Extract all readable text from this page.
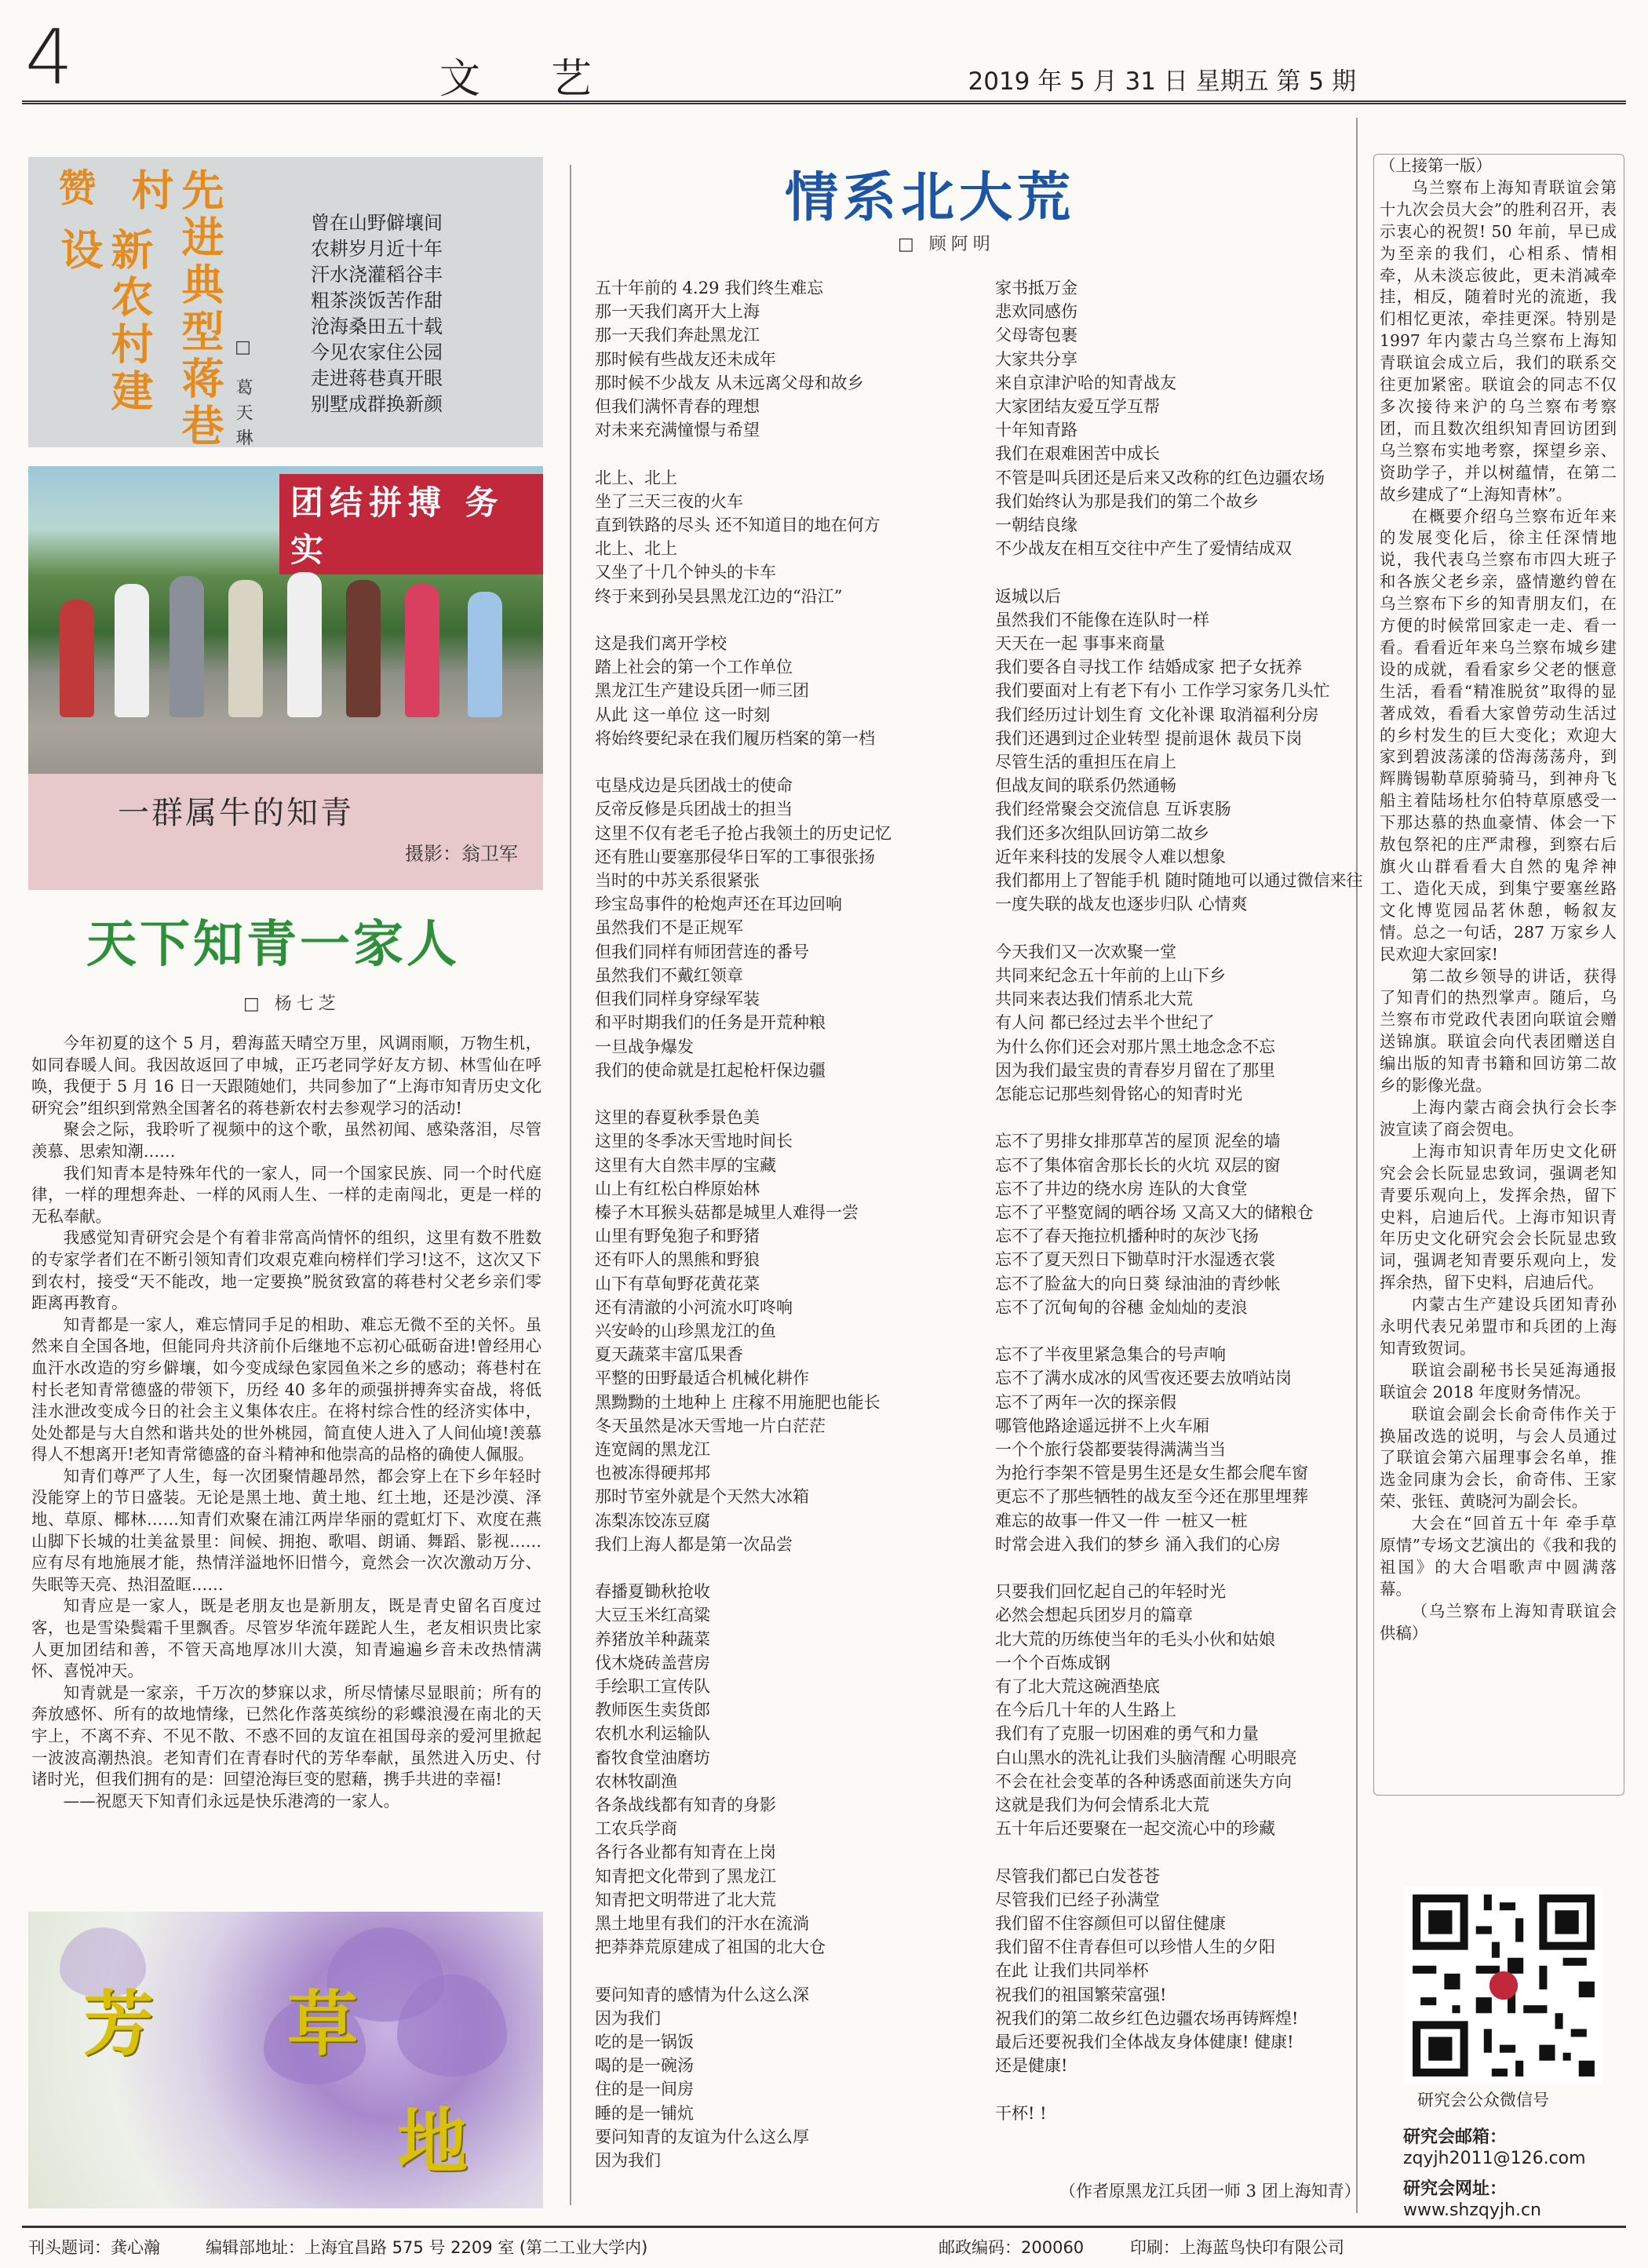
4	文艺	2019 年 5 月 31 日 星期五 第 5 期
赞	先进典型蒋巷村
新农村建设
□ 葛天琳
曾在山野僻壤间
农耕岁月近十年
汗水浇灌稻谷丰
粗茶淡饭苦作甜
沧海桑田五十载
今见农家住公园
走进蒋巷真开眼
别墅成群换新颜
团结拼搏 务实
一群属牛的知青
摄影：翁卫军
天下知青一家人
□ 杨七芝

今年初夏的这个 5 月，碧海蓝天晴空万里，风调雨顺，万物生机，如同春暖人间。我因故返回了申城，正巧老同学好友方韧、林雪仙在呼唤，我便于 5 月 16 日一天跟随她们，共同参加了“上海市知青历史文化研究会”组织到常熟全国著名的蒋巷新农村去参观学习的活动!

聚会之际，我聆听了视频中的这个歌，虽然初闻、感染落泪，尽管羡慕、思索知潮……

我们知青本是特殊年代的一家人，同一个国家民族、同一个时代庭律，一样的理想奔赴、一样的风雨人生、一样的走南闯北，更是一样的无私奉献。

我感觉知青研究会是个有着非常高尚情怀的组织，这里有数不胜数的专家学者们在不断引领知青们攻艰克难向榜样们学习!这不，这次又下到农村，接受“天不能改，地一定要换”脱贫致富的蒋巷村父老乡亲们零距离再教育。

知青都是一家人，难忘情同手足的相助、难忘无微不至的关怀。虽然来自全国各地，但能同舟共济前仆后继地不忘初心砥砺奋进!曾经用心血汗水改造的穷乡僻壤，如今变成绿色家园鱼米之乡的感动；蒋巷村在村长老知青常德盛的带领下，历经 40 多年的顽强拼搏奔实奋战，将低洼水泄改变成今日的社会主义集体农庄。在将村综合性的经济实体中，处处都是与大自然和谐共处的世外桃园，简直使人进入了人间仙境!羡慕得人不想离开!老知青常德盛的奋斗精神和他崇高的品格的确使人佩服。

知青们尊严了人生，每一次团聚情趣昂然，都会穿上在下乡年轻时没能穿上的节日盛装。无论是黑土地、黄土地、红土地，还是沙漠、泽地、草原、椰林……知青们欢聚在浦江两岸华丽的霓虹灯下、欢度在燕山脚下长城的壮美盆景里：间候、拥抱、歌唱、朗诵、舞蹈、影视……应有尽有地施展才能，热情洋溢地怀旧惜今，竟然会一次次激动万分、失眠等天亮、热泪盈眶……

知青应是一家人，既是老朋友也是新朋友，既是青史留名百度过客，也是雪染鬓霜千里飘香。尽管岁华流年蹉跎人生，老友相识贵比家人更加团结和善，不管天高地厚冰川大漠，知青遍遍乡音未改热情满怀、喜悦冲天。

知青就是一家亲，千万次的梦寐以求，所尽情愫尽显眼前；所有的奔放感怀、所有的故地情缘，已然化作落英缤纷的彩蝶浪漫在南北的天宇上，不离不弃、不见不散、不惑不回的友谊在祖国母亲的爱河里掀起一波波高潮热浪。老知青们在青春时代的芳华奉献，虽然进入历史、付诸时光，但我们拥有的是：回望沧海巨变的慰藉，携手共进的幸福!

——祝愿天下知青们永远是快乐港湾的一家人。

芳 草
地
情系北大荒
□ 顾阿明
五十年前的 4.29 我们终生难忘
那一天我们离开大上海
那一天我们奔赴黑龙江
那时候有些战友还未成年
那时候不少战友 从未远离父母和故乡
但我们满怀青春的理想
对未来充满憧憬与希望

北上、北上
坐了三天三夜的火车
直到铁路的尽头 还不知道目的地在何方
北上、北上
又坐了十几个钟头的卡车
终于来到孙吴县黑龙江边的“沿江”

这是我们离开学校
踏上社会的第一个工作单位
黑龙江生产建设兵团一师三团
从此 这一单位 这一时刻
将始终要纪录在我们履历档案的第一档

屯垦戍边是兵团战士的使命
反帝反修是兵团战士的担当
这里不仅有老毛子抢占我领土的历史记忆
还有胜山要塞那侵华日军的工事很张扬
当时的中苏关系很紧张
珍宝岛事件的枪炮声还在耳边回响
虽然我们不是正规军
但我们同样有师团营连的番号
虽然我们不戴红领章
但我们同样身穿绿军装
和平时期我们的任务是开荒种粮
一旦战争爆发
我们的使命就是扛起枪杆保边疆

这里的春夏秋季景色美
这里的冬季冰天雪地时间长
这里有大自然丰厚的宝藏
山上有红松白桦原始林
榛子木耳猴头菇都是城里人难得一尝
山里有野兔狍子和野猪
还有吓人的黑熊和野狼
山下有草甸野花黄花菜
还有清澈的小河流水叮咚响
兴安岭的山珍黑龙江的鱼
夏天蔬菜丰富瓜果香
平整的田野最适合机械化耕作
黑黝黝的土地种上 庄稼不用施肥也能长
冬天虽然是冰天雪地一片白茫茫
连宽阔的黑龙江
也被冻得硬邦邦
那时节室外就是个天然大冰箱
冻梨冻饺冻豆腐
我们上海人都是第一次品尝

春播夏锄秋抢收
大豆玉米红高粱
养猪放羊种蔬菜
伐木烧砖盖营房
手绘职工宣传队
教师医生卖货郎
农机水利运输队
畜牧食堂油磨坊
农林牧副渔
各条战线都有知青的身影
工农兵学商
各行各业都有知青在上岗
知青把文化带到了黑龙江
知青把文明带进了北大荒
黑土地里有我们的汗水在流淌
把莽莽荒原建成了祖国的北大仓

要问知青的感情为什么这么深
因为我们
吃的是一锅饭
喝的是一碗汤
住的是一间房
睡的是一铺炕
要问知青的友谊为什么这么厚
因为我们
家书抵万金
悲欢同感伤
父母寄包裹
大家共分享
来自京津沪哈的知青战友
大家团结友爱互学互帮
十年知青路
我们在艰难困苦中成长
不管是叫兵团还是后来又改称的红色边疆农场
我们始终认为那是我们的第二个故乡
一朝结良缘
不少战友在相互交往中产生了爱情结成双

返城以后
虽然我们不能像在连队时一样
天天在一起 事事来商量
我们要各自寻找工作 结婚成家 把子女抚养
我们要面对上有老下有小 工作学习家务几头忙
我们经历过计划生育 文化补课 取消福利分房
我们还遇到过企业转型 提前退休 裁员下岗
尽管生活的重担压在肩上
但战友间的联系仍然通畅
我们经常聚会交流信息 互诉衷肠
我们还多次组队回访第二故乡
近年来科技的发展令人难以想象
我们都用上了智能手机 随时随地可以通过微信来往
一度失联的战友也逐步归队 心情爽

今天我们又一次欢聚一堂
共同来纪念五十年前的上山下乡
共同来表达我们情系北大荒
有人问 都已经过去半个世纪了
为什么你们还会对那片黑土地念念不忘
因为我们最宝贵的青春岁月留在了那里
怎能忘记那些刻骨铭心的知青时光

忘不了男排女排那草苫的屋顶 泥垒的墙
忘不了集体宿舍那长长的火坑 双层的窗
忘不了井边的绕水房 连队的大食堂
忘不了平整宽阔的晒谷场 又高又大的储粮仓
忘不了春天拖拉机播种时的灰沙飞扬
忘不了夏天烈日下锄草时汗水湿透衣裳
忘不了脸盆大的向日葵 绿油油的青纱帐
忘不了沉甸甸的谷穗 金灿灿的麦浪

忘不了半夜里紧急集合的号声响
忘不了满水成冰的风雪夜还要去放哨站岗
忘不了两年一次的探亲假
哪管他路途遥远拼不上火车厢
一个个旅行袋都要装得满满当当
为抢行李架不管是男生还是女生都会爬车窗
更忘不了那些牺牲的战友至今还在那里埋葬
难忘的故事一件又一件 一桩又一桩
时常会进入我们的梦乡 涌入我们的心房

只要我们回忆起自己的年轻时光
必然会想起兵团岁月的篇章
北大荒的历练使当年的毛头小伙和姑娘
一个个百炼成钢
有了北大荒这碗酒垫底
在今后几十年的人生路上
我们有了克服一切困难的勇气和力量
白山黑水的洗礼让我们头脑清醒 心明眼亮
不会在社会变革的各种诱惑面前迷失方向
这就是我们为何会情系北大荒
五十年后还要聚在一起交流心中的珍藏

尽管我们都已白发苍苍
尽管我们已经子孙满堂
我们留不住容颜但可以留住健康
我们留不住青春但可以珍惜人生的夕阳
在此 让我们共同举杯
祝我们的祖国繁荣富强!
祝我们的第二故乡红色边疆农场再铸辉煌!
最后还要祝我们全体战友身体健康! 健康!
还是健康!

干杯! !
（作者原黑龙江兵团一师 3 团上海知青）

（上接第一版）

乌兰察布上海知青联谊会第十九次会员大会”的胜利召开，表示衷心的祝贺! 50 年前，早已成为至亲的我们，心相系、情相牵，从未淡忘彼此，更未消减牵挂，相反，随着时光的流逝，我们相忆更浓，牵挂更深。特别是 1997 年内蒙古乌兰察布上海知青联谊会成立后，我们的联系交往更加紧密。联谊会的同志不仅多次接待来沪的乌兰察布考察团，而且数次组织知青回访团到乌兰察布实地考察，探望乡亲、资助学子，并以树蕴情，在第二故乡建成了“上海知青林”。

在概要介绍乌兰察布近年来的发展变化后，徐主任深情地说，我代表乌兰察布市四大班子和各族父老乡亲，盛情邀约曾在乌兰察布下乡的知青朋友们，在方便的时候常回家走一走、看一看。看看近年来乌兰察布城乡建设的成就，看看家乡父老的惬意生活，看看“精准脱贫”取得的显著成效，看看大家曾劳动生活过的乡村发生的巨大变化；欢迎大家到碧波荡漾的岱海荡荡舟，到辉腾锡勒草原骑骑马，到神舟飞船主着陆场杜尔伯特草原感受一下那达慕的热血豪情、体会一下敖包祭祀的庄严肃穆，到察右后旗火山群看看大自然的鬼斧神工、造化天成，到集宁要塞丝路文化博览园品茗休憩，畅叙友情。总之一句话，287 万家乡人民欢迎大家回家!

第二故乡领导的讲话，获得了知青们的热烈掌声。随后，乌兰察布市党政代表团向联谊会赠送锦旗。联谊会向代表团赠送自编出版的知青书籍和回访第二故乡的影像光盘。

上海内蒙古商会执行会长李波宣读了商会贺电。

上海市知识青年历史文化研究会会长阮显忠致词，强调老知青要乐观向上，发挥余热，留下史料，启迪后代。上海市知识青年历史文化研究会会长阮显忠致词，强调老知青要乐观向上，发挥余热，留下史料，启迪后代。

内蒙古生产建设兵团知青孙永明代表兄弟盟市和兵团的上海知青致贺词。

联谊会副秘书长吴延海通报联谊会 2018 年度财务情况。

联谊会副会长俞奇伟作关于换届改选的说明，与会人员通过了联谊会第六届理事会名单，推选金同康为会长，俞奇伟、王家荣、张钰、黄晓河为副会长。

大会在“回首五十年 牵手草原情”专场文艺演出的《我和我的祖国》的大合唱歌声中圆满落幕。

（乌兰察布上海知青联谊会供稿）

研究会公众微信号
研究会邮箱：
zqyjh2011@126.com
研究会网址：
www.shzqyjh.cn
刊头题词：龚心瀚	编辑部地址：上海宜昌路 575 号 2209 室 (第二工业大学内)	邮政编码：200060	印刷：上海蓝鸟快印有限公司
